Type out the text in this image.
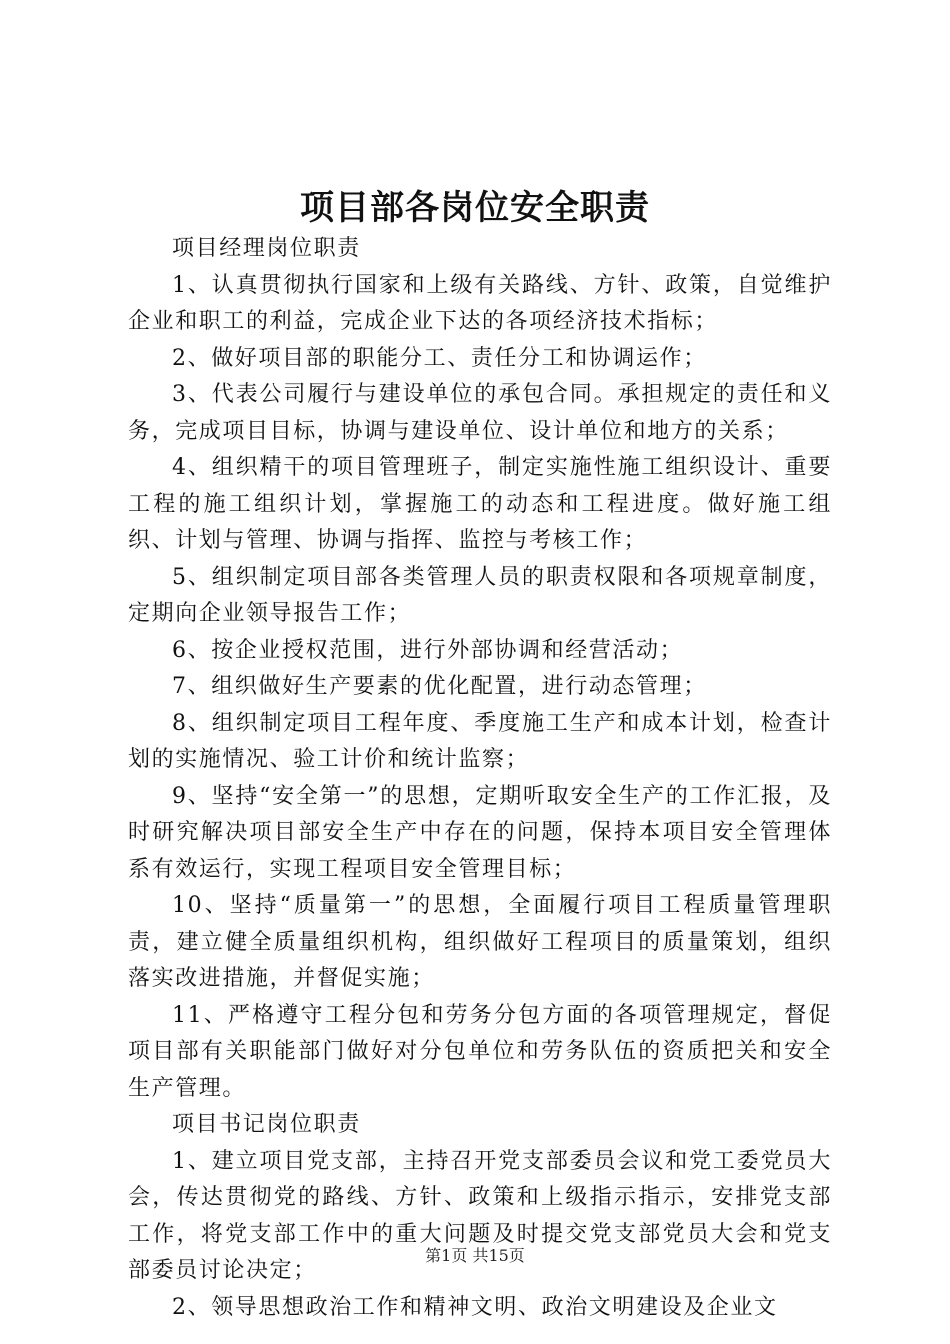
项目部各岗位安全职责

项目经理岗位职责

1、认真贯彻执行国家和上级有关路线、方针、政策，自觉维护企业和职工的利益，完成企业下达的各项经济技术指标；

2、做好项目部的职能分工、责任分工和协调运作；

3、代表公司履行与建设单位的承包合同。承担规定的责任和义务，完成项目目标，协调与建设单位、设计单位和地方的关系；

4、组织精干的项目管理班子，制定实施性施工组织设计、重要工程的施工组织计划，掌握施工的动态和工程进度。做好施工组织、计划与管理、协调与指挥、监控与考核工作；

5、组织制定项目部各类管理人员的职责权限和各项规章制度，定期向企业领导报告工作；

6、按企业授权范围，进行外部协调和经营活动；

7、组织做好生产要素的优化配置，进行动态管理；

8、组织制定项目工程年度、季度施工生产和成本计划，检查计划的实施情况、验工计价和统计监察；

9、坚持“安全第一”的思想，定期听取安全生产的工作汇报，及时研究解决项目部安全生产中存在的问题，保持本项目安全管理体系有效运行，实现工程项目安全管理目标；

10、坚持“质量第一”的思想，全面履行项目工程质量管理职责，建立健全质量组织机构，组织做好工程项目的质量策划，组织落实改进措施，并督促实施；

11、严格遵守工程分包和劳务分包方面的各项管理规定，督促项目部有关职能部门做好对分包单位和劳务队伍的资质把关和安全生产管理。

项目书记岗位职责

1、建立项目党支部，主持召开党支部委员会议和党工委党员大会，传达贯彻党的路线、方针、政策和上级指示指示，安排党支部工作，将党支部工作中的重大问题及时提交党支部党员大会和党支部委员讨论决定；

2、领导思想政治工作和精神文明、政治文明建设及企业文

第1页 共15页
